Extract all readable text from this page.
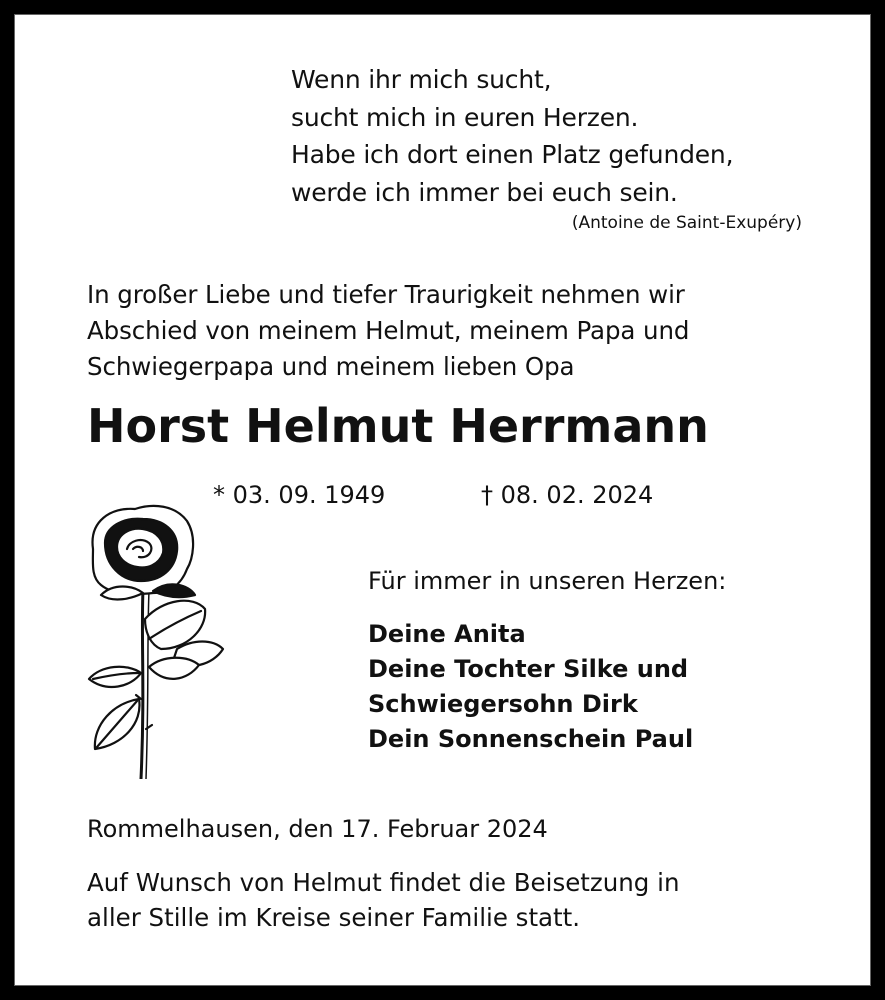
Wenn ihr mich sucht,
sucht mich in euren Herzen.
Habe ich dort einen Platz gefunden,
werde ich immer bei euch sein.
(Antoine de Saint-Exupéry)
In großer Liebe und tiefer Traurigkeit nehmen wir
Abschied von meinem Helmut, meinem Papa und
Schwiegerpapa und meinem lieben Opa
Horst Helmut Herrmann
* 03. 09. 1949	† 08. 02. 2024
Für immer in unseren Herzen:
Deine Anita
Deine Tochter Silke und
Schwiegersohn Dirk
Dein Sonnenschein Paul
Rommelhausen, den 17. Februar 2024
Auf Wunsch von Helmut findet die Beisetzung in
aller Stille im Kreise seiner Familie statt.
